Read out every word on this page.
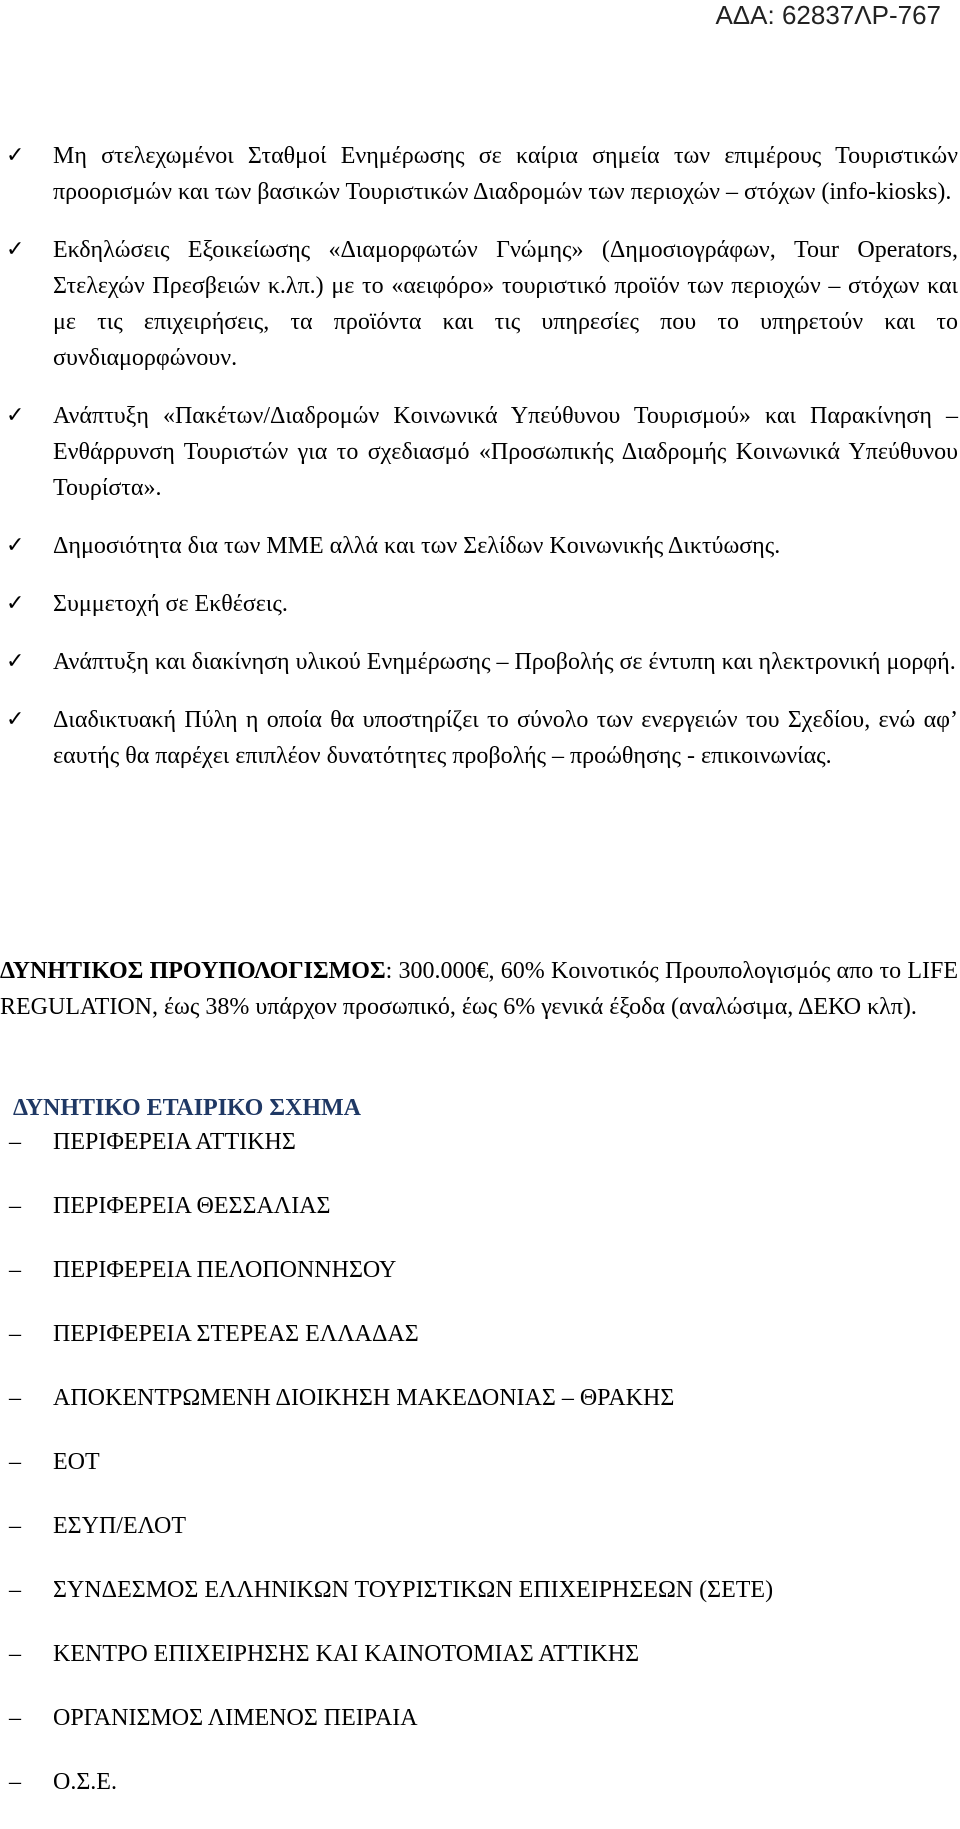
ΑΔΑ: 62837ΛΡ-767
✓ Μη στελεχωμένοι Σταθμοί Ενημέρωσης σε καίρια σημεία των επιμέρους Τουριστικών προορισμών και των βασικών Τουριστικών Διαδρομών των περιοχών – στόχων (info-kiosks).
✓ Εκδηλώσεις Εξοικείωσης «Διαμορφωτών Γνώμης» (Δημοσιογράφων, Tour Operators, Στελεχών Πρεσβειών κ.λπ.) με το «αειφόρο» τουριστικό προϊόν των περιοχών – στόχων και με τις επιχειρήσεις, τα προϊόντα και τις υπηρεσίες που το υπηρετούν και το συνδιαμορφώνουν.
✓ Ανάπτυξη «Πακέτων/Διαδρομών Κοινωνικά Υπεύθυνου Τουρισμού» και Παρακίνηση – Ενθάρρυνση Τουριστών για το σχεδιασμό «Προσωπικής Διαδρομής Κοινωνικά Υπεύθυνου Τουρίστα».
✓ Δημοσιότητα δια των ΜΜΕ αλλά και των Σελίδων Κοινωνικής Δικτύωσης.
✓ Συμμετοχή σε Εκθέσεις.
✓ Ανάπτυξη και διακίνηση υλικού Ενημέρωσης – Προβολής σε έντυπη και ηλεκτρονική μορφή.
✓ Διαδικτυακή Πύλη η οποία θα υποστηρίζει το σύνολο των ενεργειών του Σχεδίου, ενώ αφ’ εαυτής θα παρέχει επιπλέον δυνατότητες προβολής – προώθησης - επικοινωνίας.

ΔΥΝΗΤΙΚΟΣ ΠΡΟΥΠΟΛΟΓΙΣΜΟΣ: 300.000€, 60% Κοινοτικός Προυπολογισμός απο το LIFE REGULATION, έως 38% υπάρχον προσωπικό, έως 6% γενικά έξοδα (αναλώσιμα, ΔΕΚΟ κλπ).

ΔΥΝΗΤΙΚΟ ΕΤΑΙΡΙΚΟ ΣΧΗΜΑ
– ΠΕΡΙΦΕΡΕΙΑ ΑΤΤΙΚΗΣ
– ΠΕΡΙΦΕΡΕΙΑ ΘΕΣΣΑΛΙΑΣ
– ΠΕΡΙΦΕΡΕΙΑ ΠΕΛΟΠΟΝΝΗΣΟΥ
– ΠΕΡΙΦΕΡΕΙΑ ΣΤΕΡΕΑΣ ΕΛΛΑΔΑΣ
– ΑΠΟΚΕΝΤΡΩΜΕΝΗ ΔΙΟΙΚΗΣΗ ΜΑΚΕΔΟΝΙΑΣ – ΘΡΑΚΗΣ
– ΕΟΤ
– ΕΣΥΠ/ΕΛΟΤ
– ΣΥΝΔΕΣΜΟΣ ΕΛΛΗΝΙΚΩΝ ΤΟΥΡΙΣΤΙΚΩΝ ΕΠΙΧΕΙΡΗΣΕΩΝ (ΣΕΤΕ)
– ΚΕΝΤΡΟ ΕΠΙΧΕΙΡΗΣΗΣ ΚΑΙ ΚΑΙΝΟΤΟΜΙΑΣ ΑΤΤΙΚΗΣ
– ΟΡΓΑΝΙΣΜΟΣ ΛΙΜΕΝΟΣ ΠΕΙΡΑΙΑ
– Ο.Σ.Ε.
